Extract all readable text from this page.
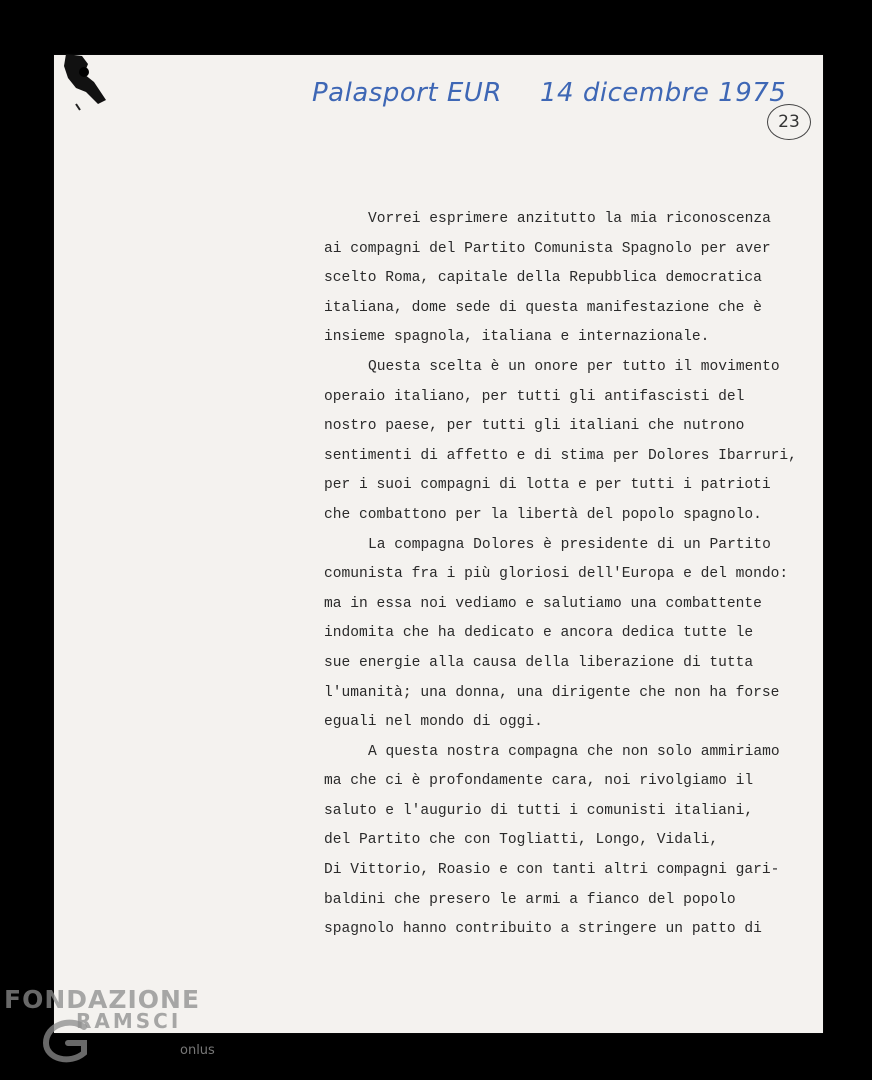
Palasport EUR 14 dicembre 1975
23
Vorrei esprimere anzitutto la mia riconoscenza
ai compagni del Partito Comunista Spagnolo per aver
scelto Roma, capitale della Repubblica democratica
italiana, dome sede di questa manifestazione che è
insieme spagnola, italiana e internazionale.
Questa scelta è un onore per tutto il movimento
operaio italiano, per tutti gli antifascisti del
nostro paese, per tutti gli italiani che nutrono
sentimenti di affetto e di stima per Dolores Ibarruri,
per i suoi compagni di lotta e per tutti i patrioti
che combattono per la libertà del popolo spagnolo.
La compagna Dolores è presidente di un Partito
comunista fra i più gloriosi dell'Europa e del mondo:
ma in essa noi vediamo e salutiamo una combattente
indomita che ha dedicato e ancora dedica tutte le
sue energie alla causa della liberazione di tutta
l'umanità; una donna, una dirigente che non ha forse
eguali nel mondo di oggi.
A questa nostra compagna che non solo ammiriamo
ma che ci è profondamente cara, noi rivolgiamo il
saluto e l'augurio di tutti i comunisti italiani,
del Partito che con Togliatti, Longo, Vidali,
Di Vittorio, Roasio e con tanti altri compagni gari-
baldini che presero le armi a fianco del popolo
spagnolo hanno contribuito a stringere un patto di
FONDAZIONE
RAMSCI
onlus
